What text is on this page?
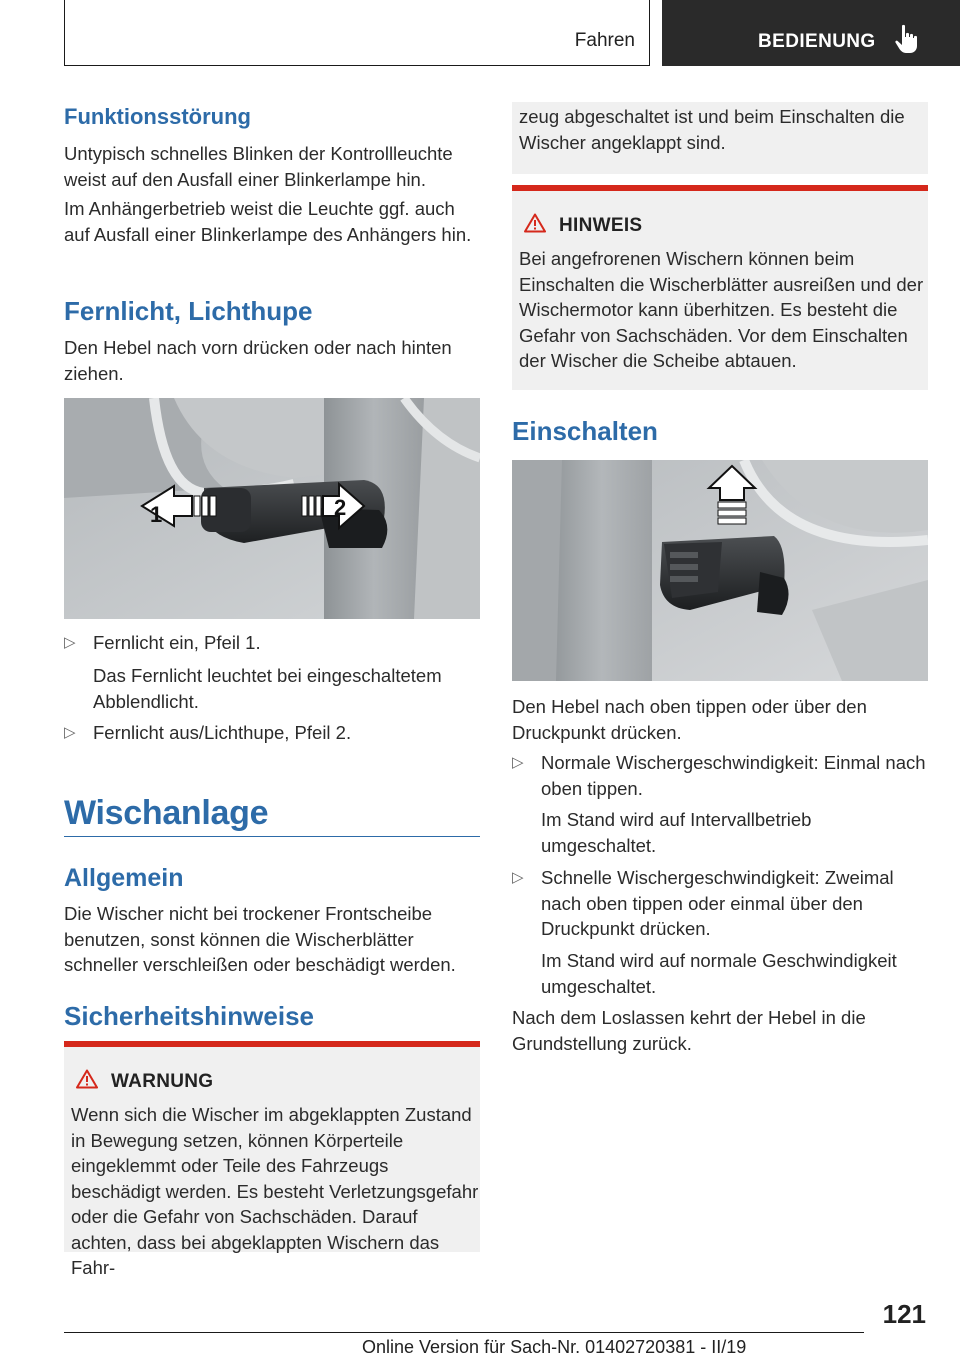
Fahren	BEDIENUNG
Funktionsstörung

Untypisch schnelles Blinken der Kontrollleuchte weist auf den Ausfall einer Blinkerlampe hin.

Im Anhängerbetrieb weist die Leuchte ggf. auch auf Ausfall einer Blinkerlampe des Anhängers hin.

Fernlicht, Lichthupe

Den Hebel nach vorn drücken oder nach hinten ziehen.

1	2
▷ Fernlicht ein, Pfeil 1.
Das Fernlicht leuchtet bei eingeschaltetem Abblendlicht.
▷ Fernlicht aus/Lichthupe, Pfeil 2.
Wischanlage
Allgemein

Die Wischer nicht bei trockener Frontscheibe benutzen, sonst können die Wischerblätter schneller verschleißen oder beschädigt werden.

Sicherheitshinweise
WARNUNG

Wenn sich die Wischer im abgeklappten Zustand in Bewegung setzen, können Körperteile eingeklemmt oder Teile des Fahrzeugs beschädigt werden. Es besteht Verletzungsgefahr oder die Gefahr von Sachschäden. Darauf achten, dass bei abgeklappten Wischern das Fahr-

zeug abgeschaltet ist und beim Einschalten die Wischer angeklappt sind.

HINWEIS

Bei angefrorenen Wischern können beim Einschalten die Wischerblätter ausreißen und der Wischermotor kann überhitzen. Es besteht die Gefahr von Sachschäden. Vor dem Einschalten der Wischer die Scheibe abtauen.

Einschalten

Den Hebel nach oben tippen oder über den Druckpunkt drücken.

▷ Normale Wischergeschwindigkeit: Einmal nach oben tippen.
Im Stand wird auf Intervallbetrieb umgeschaltet.
▷ Schnelle Wischergeschwindigkeit: Zweimal nach oben tippen oder einmal über den Druckpunkt drücken.
Im Stand wird auf normale Geschwindigkeit umgeschaltet.

Nach dem Loslassen kehrt der Hebel in die Grundstellung zurück.

121
Online Version für Sach-Nr. 01402720381 - II/19
